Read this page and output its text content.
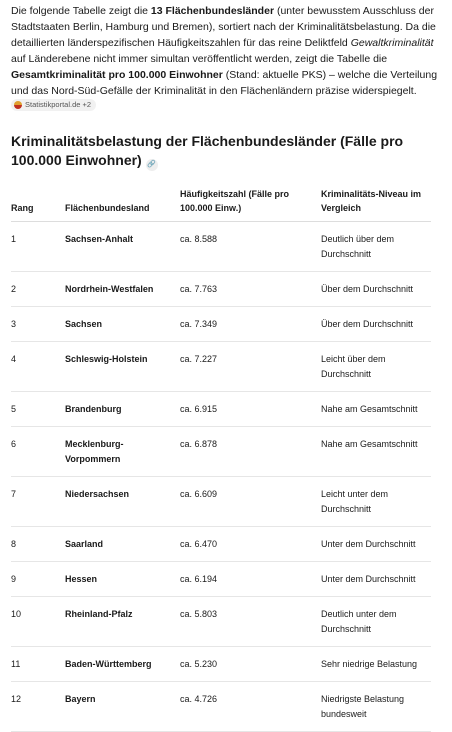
Die folgende Tabelle zeigt die 13 Flächenbundesländer (unter bewusstem Ausschluss der Stadtstaaten Berlin, Hamburg und Bremen), sortiert nach der Kriminalitätsbelastung. Da die detaillierten länderspezifischen Häufigkeitszahlen für das reine Deliktfeld Gewaltkriminalität auf Länderebene nicht immer simultan veröffentlicht werden, zeigt die Tabelle die Gesamtkriminalität pro 100.000 Einwohner (Stand: aktuelle PKS) – welche die Verteilung und das Nord-Süd-Gefälle der Kriminalität in den Flächenländern präzise widerspiegelt.
Statistikportal.de +2

Kriminalitätsbelastung der Flächenbundesländer (Fälle pro 100.000 Einwohner) 🔗
Rang	Flächenbundesland	Häufigkeitszahl (Fälle pro 100.000 Einw.)	Kriminalitäts-Niveau im Vergleich
1	Sachsen-Anhalt	ca. 8.588	Deutlich über dem Durchschnitt
2	Nordrhein-Westfalen	ca. 7.763	Über dem Durchschnitt
3	Sachsen	ca. 7.349	Über dem Durchschnitt
4	Schleswig-Holstein	ca. 7.227	Leicht über dem Durchschnitt
5	Brandenburg	ca. 6.915	Nahe am Gesamtschnitt
6	Mecklenburg-Vorpommern	ca. 6.878	Nahe am Gesamtschnitt
7	Niedersachsen	ca. 6.609	Leicht unter dem Durchschnitt
8	Saarland	ca. 6.470	Unter dem Durchschnitt
9	Hessen	ca. 6.194	Unter dem Durchschnitt
10	Rheinland-Pfalz	ca. 5.803	Deutlich unter dem Durchschnitt
11	Baden-Württemberg	ca. 5.230	Sehr niedrige Belastung
12	Bayern	ca. 4.726	Niedrigste Belastung bundesweit
